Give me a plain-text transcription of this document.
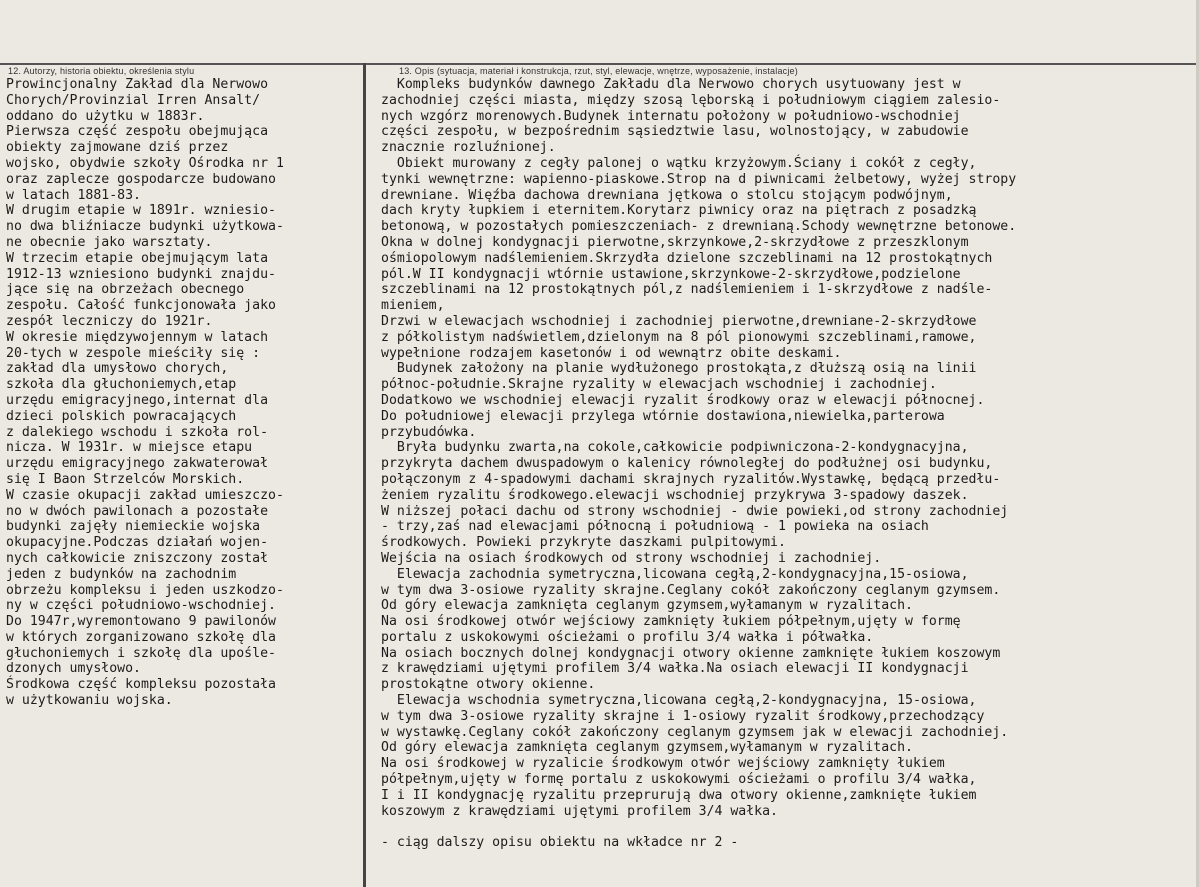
12. Autorzy, historia obiektu, określenia stylu	13. Opis (sytuacja, materiał i konstrukcja, rzut, styl, elewacje, wnętrze, wyposażenie, instalacje)
Prowincjonalny Zakład dla Nerwowo
Chorych/Provinzial Irren Ansalt/
oddano do użytku w 1883r.
Pierwsza część zespołu obejmująca
obiekty zajmowane dziś przez
wojsko, obydwie szkoły Ośrodka nr 1
oraz zaplecze gospodarcze budowano
w latach 1881-83.
W drugim etapie w 1891r. wzniesio-
no dwa bliźniacze budynki użytkowa-
ne obecnie jako warsztaty.
W trzecim etapie obejmującym lata
1912-13 wzniesiono budynki znajdu-
jące się na obrzeżach obecnego
zespołu. Całość funkcjonowała jako
zespół leczniczy do 1921r.
W okresie międzywojennym w latach
20-tych w zespole mieściły się :
zakład dla umysłowo chorych,
szkoła dla głuchoniemych,etap
urzędu emigracyjnego,internat dla
dzieci polskich powracających
z dalekiego wschodu i szkoła rol-
nicza. W 1931r. w miejsce etapu
urzędu emigracyjnego zakwaterował
się I Baon Strzelców Morskich.
W czasie okupacji zakład umieszczo-
no w dwóch pawilonach a pozostałe
budynki zajęły niemieckie wojska
okupacyjne.Podczas działań wojen-
nych całkowicie zniszczony został
jeden z budynków na zachodnim
obrzeżu kompleksu i jeden uszkodzo-
ny w części południowo-wschodniej.
Do 1947r,wyremontowano 9 pawilonów
w których zorganizowano szkołę dla
głuchoniemych i szkołę dla upośle-
dzonych umysłowo.
Środkowa część kompleksu pozostała
w użytkowaniu wojska.
Kompleks budynków dawnego Zakładu dla Nerwowo chorych usytuowany jest w
zachodniej części miasta, między szosą lęborską i południowym ciągiem zalesio-
nych wzgórz morenowych.Budynek internatu położony w południowo-wschodniej
części zespołu, w bezpośrednim sąsiedztwie lasu, wolnostojący, w zabudowie
znacznie rozluźnionej.
Obiekt murowany z cegły palonej o wątku krzyżowym.Ściany i cokół z cegły,
tynki wewnętrzne: wapienno-piaskowe.Strop na d piwnicami żelbetowy, wyżej stropy
drewniane. Więźba dachowa drewniana jętkowa o stolcu stojącym podwójnym,
dach kryty łupkiem i eternitem.Korytarz piwnicy oraz na piętrach z posadzką
betonową, w pozostałych pomieszczeniach- z drewnianą.Schody wewnętrzne betonowe.
Okna w dolnej kondygnacji pierwotne,skrzynkowe,2-skrzydłowe z przeszklonym
ośmiopolowym nadślemieniem.Skrzydła dzielone szczeblinami na 12 prostokątnych
pól.W II kondygnacji wtórnie ustawione,skrzynkowe-2-skrzydłowe,podzielone
szczeblinami na 12 prostokątnych pól,z nadślemieniem i 1-skrzydłowe z nadśle-
mieniem,
Drzwi w elewacjach wschodniej i zachodniej pierwotne,drewniane-2-skrzydłowe
z półkolistym nadświetlem,dzielonym na 8 pól pionowymi szczeblinami,ramowe,
wypełnione rodzajem kasetonów i od wewnątrz obite deskami.
Budynek założony na planie wydłużonego prostokąta,z dłuższą osią na linii
północ-południe.Skrajne ryzality w elewacjach wschodniej i zachodniej.
Dodatkowo we wschodniej elewacji ryzalit środkowy oraz w elewacji północnej.
Do południowej elewacji przylega wtórnie dostawiona,niewielka,parterowa
przybudówka.
Bryła budynku zwarta,na cokole,całkowicie podpiwniczona-2-kondygnacyjna,
przykryta dachem dwuspadowym o kalenicy równoległej do podłużnej osi budynku,
połączonym z 4-spadowymi dachami skrajnych ryzalitów.Wystawkę, będącą przedłu-
żeniem ryzalitu środkowego.elewacji wschodniej przykrywa 3-spadowy daszek.
W niższej połaci dachu od strony wschodniej - dwie powieki,od strony zachodniej
- trzy,zaś nad elewacjami północną i południową - 1 powieka na osiach
środkowych. Powieki przykryte daszkami pulpitowymi.
Wejścia na osiach środkowych od strony wschodniej i zachodniej.
Elewacja zachodnia symetryczna,licowana cegłą,2-kondygnacyjna,15-osiowa,
w tym dwa 3-osiowe ryzality skrajne.Ceglany cokół zakończony ceglanym gzymsem.
Od góry elewacja zamknięta ceglanym gzymsem,wyłamanym w ryzalitach.
Na osi środkowej otwór wejściowy zamknięty łukiem półpełnym,ujęty w formę
portalu z uskokowymi ościeżami o profilu 3/4 wałka i półwałka.
Na osiach bocznych dolnej kondygnacji otwory okienne zamknięte łukiem koszowym
z krawędziami ujętymi profilem 3/4 wałka.Na osiach elewacji II kondygnacji
prostokątne otwory okienne.
Elewacja wschodnia symetryczna,licowana cegłą,2-kondygnacyjna, 15-osiowa,
w tym dwa 3-osiowe ryzality skrajne i 1-osiowy ryzalit środkowy,przechodzący
w wystawkę.Ceglany cokół zakończony ceglanym gzymsem jak w elewacji zachodniej.
Od góry elewacja zamknięta ceglanym gzymsem,wyłamanym w ryzalitach.
Na osi środkowej w ryzalicie środkowym otwór wejściowy zamknięty łukiem
półpełnym,ujęty w formę portalu z uskokowymi ościeżami o profilu 3/4 wałka,
I i II kondygnację ryzalitu przeprurują dwa otwory okienne,zamknięte łukiem
koszowym z krawędziami ujętymi profilem 3/4 wałka.
- ciąg dalszy opisu obiektu na wkładce nr 2 -
